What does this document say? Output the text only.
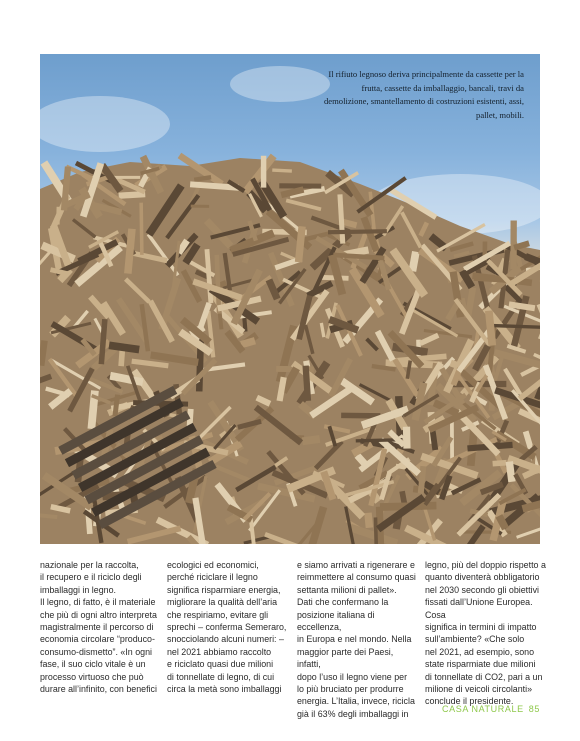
Il rifiuto legnoso deriva principalmente da cassette per la frutta, cassette da imballaggio, bancali, travi da demolizione, smantellamento di costruzioni esistenti, assi, pallet, mobili.

nazionale per la raccolta,
il recupero e il riciclo degli
imballaggi in legno.
Il legno, di fatto, è il materiale
che più di ogni altro interpreta
magistralmente il percorso di
economia circolare “produco-
consumo-dismetto”. «In ogni
fase, il suo ciclo vitale è un
processo virtuoso che può
durare all’infinito, con benefici

ecologici ed economici,
perché riciclare il legno
significa risparmiare energia,
migliorare la qualità dell’aria
che respiriamo, evitare gli
sprechi – conferma Semeraro,
snocciolando alcuni numeri: –
nel 2021 abbiamo raccolto
e riciclato quasi due milioni
di tonnellate di legno, di cui
circa la metà sono imballaggi

e siamo arrivati a rigenerare e
reimmettere al consumo quasi
settanta milioni di pallet».
Dati che confermano la
posizione italiana di eccellenza,
in Europa e nel mondo. Nella
maggior parte dei Paesi, infatti,
dopo l’uso il legno viene per
lo più bruciato per produrre
energia. L’Italia, invece, ricicla
già il 63% degli imballaggi in

legno, più del doppio rispetto a
quanto diventerà obbligatorio
nel 2030 secondo gli obiettivi
fissati dall’Unione Europea. Cosa
significa in termini di impatto
sull’ambiente? «Che solo
nel 2021, ad esempio, sono
state risparmiate due milioni
di tonnellate di CO2, pari a un
milione di veicoli circolanti»
conclude il presidente.

CASA NATURALE 85
